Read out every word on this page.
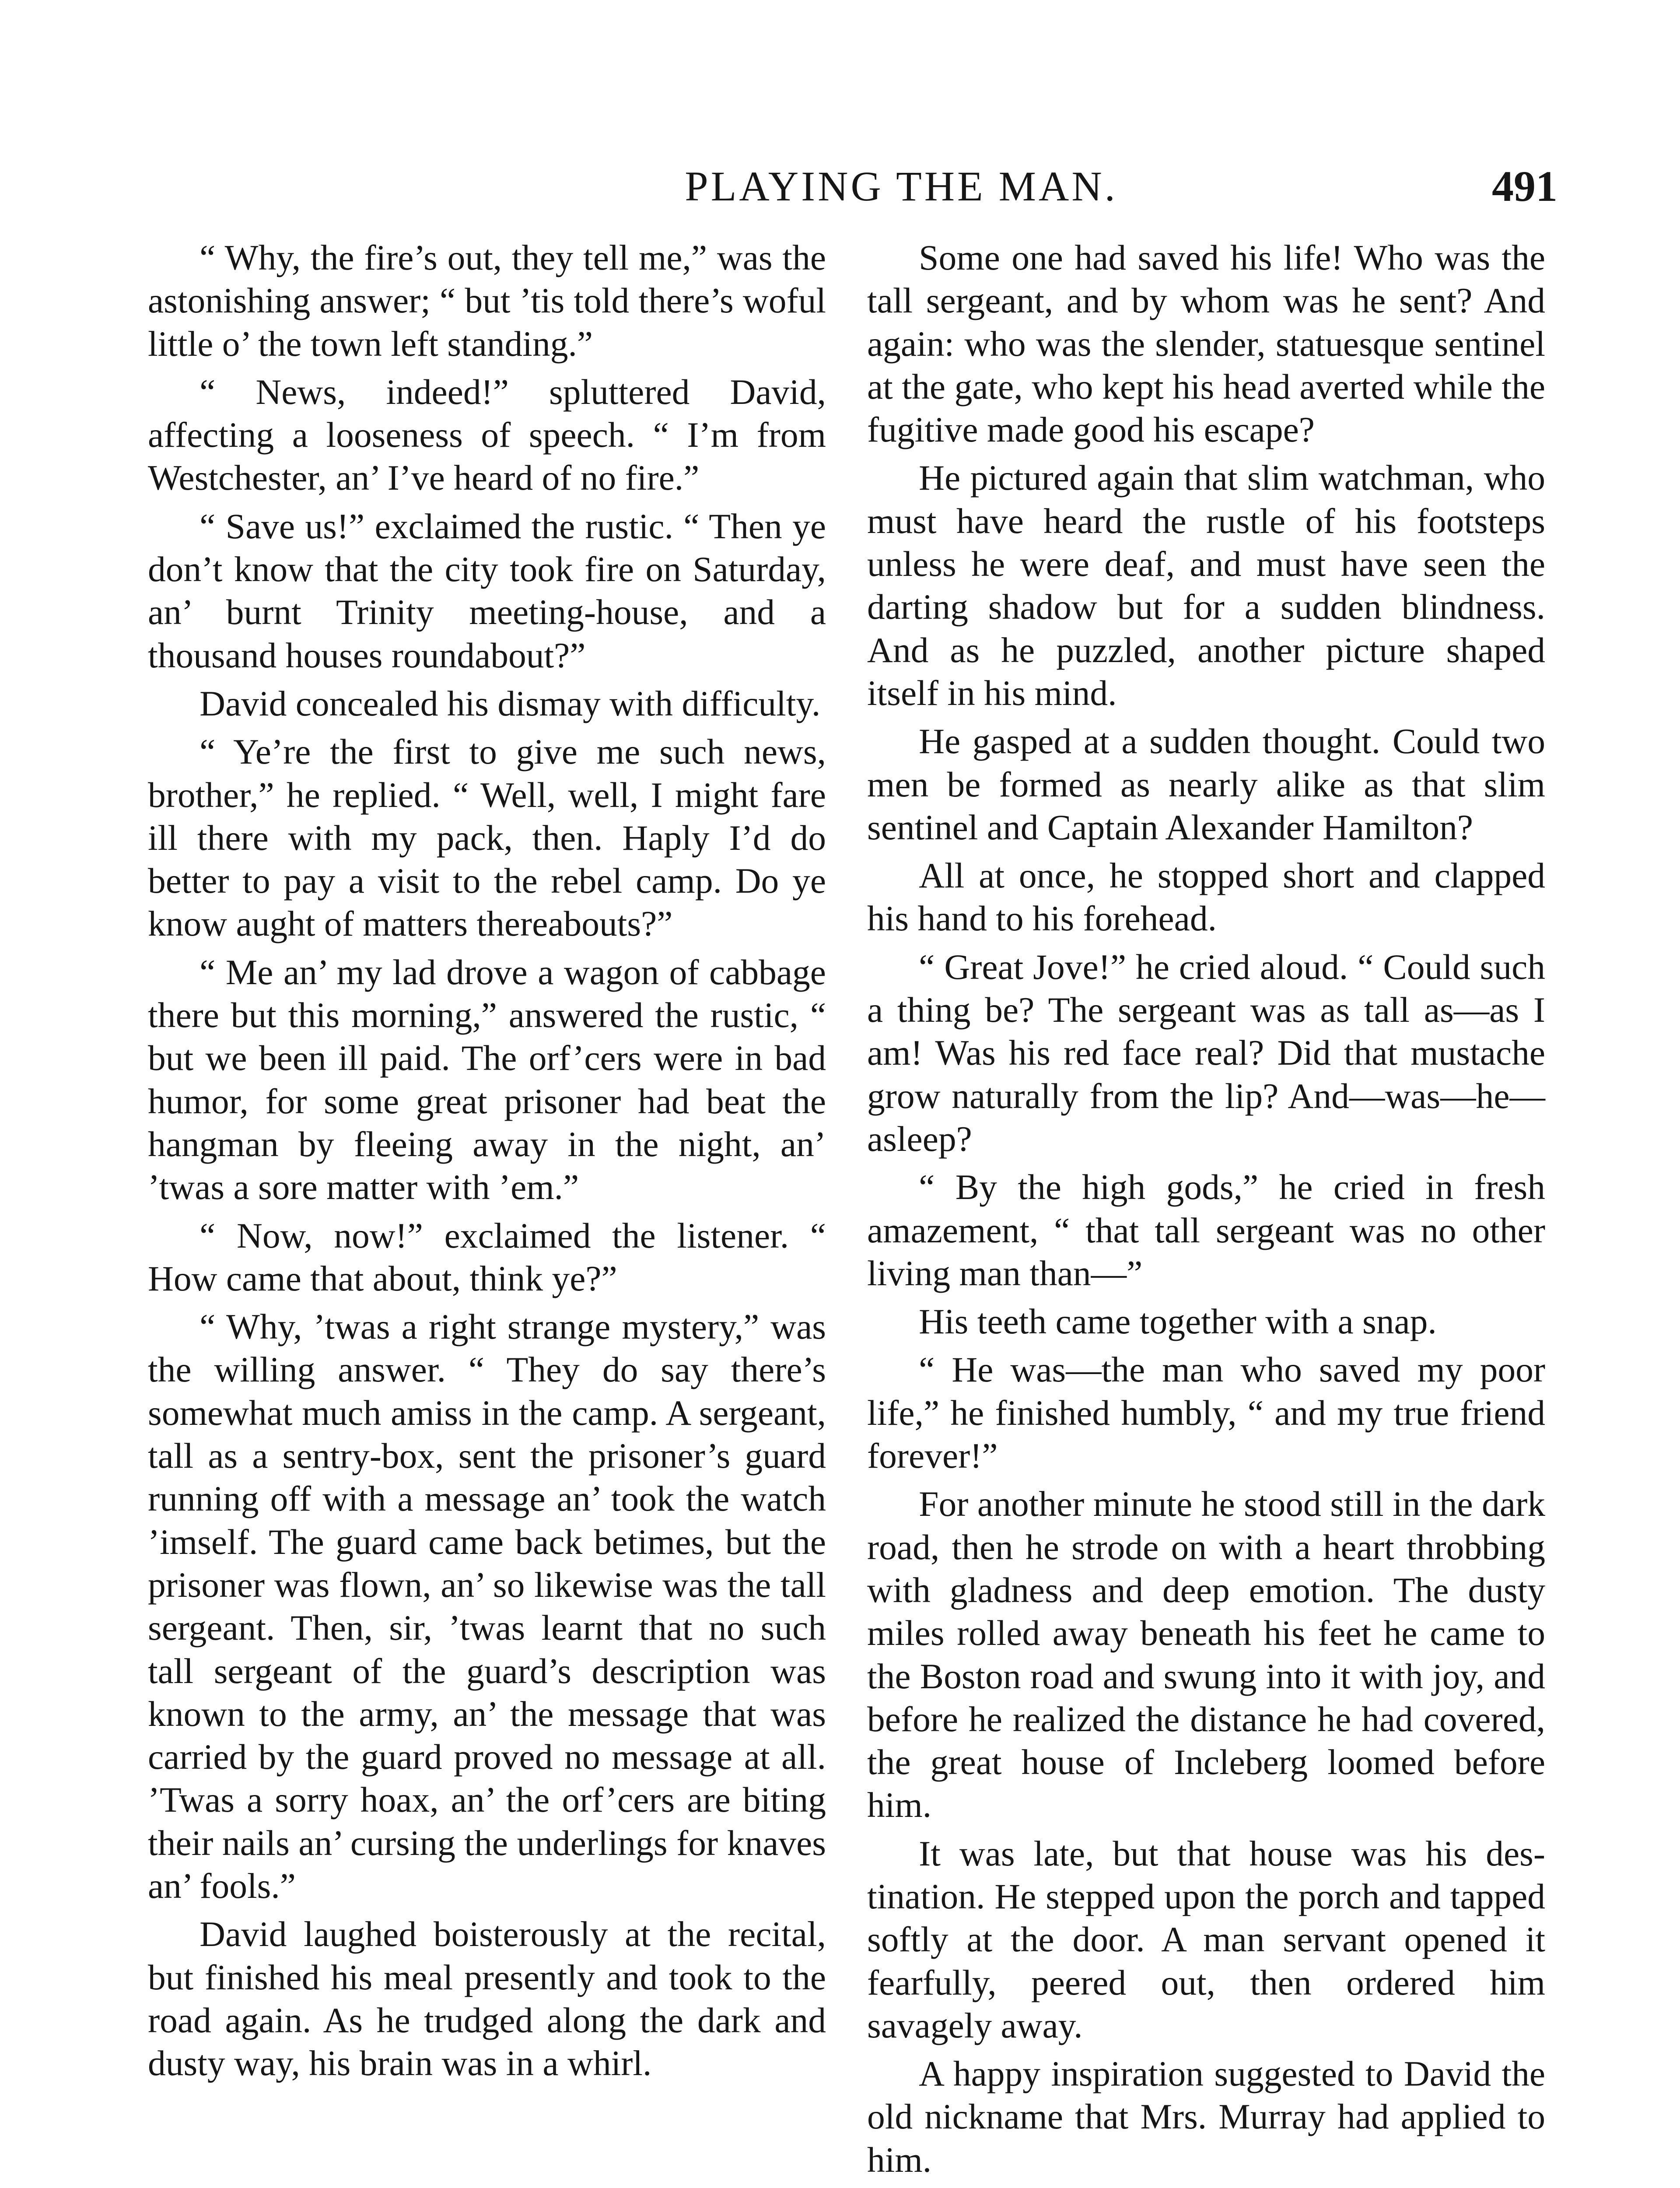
PLAYING THE MAN.	491

“ Why, the fire’s out, they tell me,” was the astonishing answer; “ but ’tis told there’s woful little o’ the town left standing.”

“ News, indeed!” spluttered David, affecting a looseness of speech. “ I’m from Westchester, an’ I’ve heard of no fire.”

“ Save us!” exclaimed the rustic. “ Then ye don’t know that the city took fire on Saturday, an’ burnt Trinity meeting-house, and a thousand houses roundabout?”

David concealed his dismay with difficulty.

“ Ye’re the first to give me such news, brother,” he replied. “ Well, well, I might fare ill there with my pack, then. Haply I’d do better to pay a visit to the rebel camp. Do ye know aught of matters thereabouts?”

“ Me an’ my lad drove a wagon of cabbage there but this morning,” answered the rustic, “ but we been ill paid. The orf’cers were in bad humor, for some great prisoner had beat the hangman by fleeing away in the night, an’ ’twas a sore matter with ’em.”

“ Now, now!” exclaimed the listener. “ How came that about, think ye?”

“ Why, ’twas a right strange mystery,” was the willing answer. “ They do say there’s somewhat much amiss in the camp. A sergeant, tall as a sentry-box, sent the prisoner’s guard running off with a message an’ took the watch ’imself. The guard came back betimes, but the prisoner was flown, an’ so likewise was the tall sergeant. Then, sir, ’twas learnt that no such tall sergeant of the guard’s description was known to the army, an’ the message that was carried by the guard proved no message at all. ’Twas a sorry hoax, an’ the orf’cers are biting their nails an’ cursing the underlings for knaves an’ fools.”

David laughed boisterously at the recital, but finished his meal presently and took to the road again. As he trudged along the dark and dusty way, his brain was in a whirl.

Some one had saved his life! Who was the tall sergeant, and by whom was he sent? And again: who was the slender, statuesque sentinel at the gate, who kept his head averted while the fugitive made good his escape?

He pictured again that slim watchman, who must have heard the rustle of his footsteps unless he were deaf, and must have seen the darting shadow but for a sudden blindness. And as he puzzled, another picture shaped itself in his mind.

He gasped at a sudden thought. Could two men be formed as nearly alike as that slim sentinel and Captain Alexander Hamilton?

All at once, he stopped short and clapped his hand to his forehead.

“ Great Jove!” he cried aloud. “ Could such a thing be? The sergeant was as tall as—as I am! Was his red face real? Did that mustache grow naturally from the lip? And—was—he—asleep?

“ By the high gods,” he cried in fresh amazement, “ that tall sergeant was no other living man than—”

His teeth came together with a snap.

“ He was—the man who saved my poor life,” he finished humbly, “ and my true friend forever!”

For another minute he stood still in the dark road, then he strode on with a heart throbbing with gladness and deep emotion. The dusty miles rolled away beneath his feet he came to the Boston road and swung into it with joy, and before he realized the distance he had covered, the great house of Incleberg loomed before him.

It was late, but that house was his destination. He stepped upon the porch and tapped softly at the door. A man servant opened it fearfully, peered out, then ordered him savagely away.

A happy inspiration suggested to David the old nickname that Mrs. Murray had applied to him.
